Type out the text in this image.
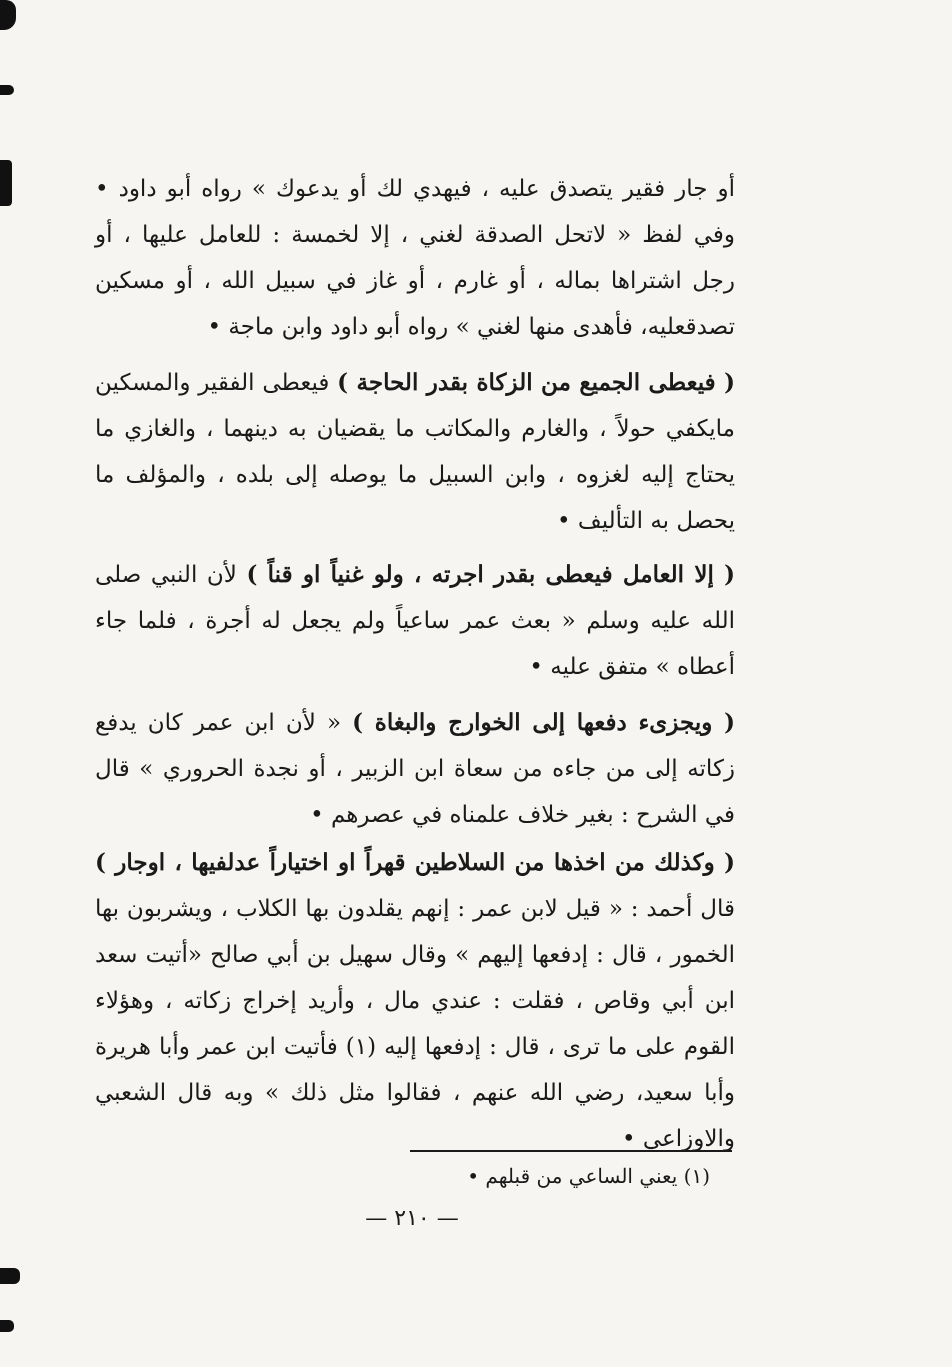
أو جار فقير يتصدق عليه ، فيهدي لك أو يدعوك » رواه أبو داود • وفي لفظ « لاتحل الصدقة لغني ، إلا لخمسة : للعامل عليها ، أو رجل اشتراها بماله ، أو غارم ، أو غاز في سبيل الله ، أو مسكين تصدقعليه، فأهدى منها لغني » رواه أبو داود وابن ماجة •

( فيعطى الجميع من الزكاة بقدر الحاجة ) فيعطى الفقير والمسكين مايكفي حولاً ، والغارم والمكاتب ما يقضيان به دينهما ، والغازي ما يحتاج إليه لغزوه ، وابن السبيل ما يوصله إلى بلده ، والمؤلف ما يحصل به التأليف •

( إلا العامل فيعطى بقدر اجرته ، ولو غنياً او قناً ) لأن النبي صلى الله عليه وسلم « بعث عمر ساعياً ولم يجعل له أجرة ، فلما جاء أعطاه » متفق عليه •

( ويجزىء دفعها إلى الخوارج والبغاة ) « لأن ابن عمر كان يدفع زكاته إلى من جاءه من سعاة ابن الزبير ، أو نجدة الحروري » قال في الشرح : بغير خلاف علمناه في عصرهم •

( وكذلك من اخذها من السلاطين قهراً او اختياراً عدلفيها ، اوجار ) قال أحمد : « قيل لابن عمر : إنهم يقلدون بها الكلاب ، ويشربون بها الخمور ، قال : إدفعها إليهم » وقال سهيل بن أبي صالح «أتيت سعد ابن أبي وقاص ، فقلت : عندي مال ، وأريد إخراج زكاته ، وهؤلاء القوم على ما ترى ، قال : إدفعها إليه (١) فأتيت ابن عمر وأبا هريرة وأبا سعيد، رضي الله عنهم ، فقالوا مثل ذلك » وبه قال الشعبي والاوزاعي •

(١) يعني الساعي من قبلهم •
— ٢١٠ —
